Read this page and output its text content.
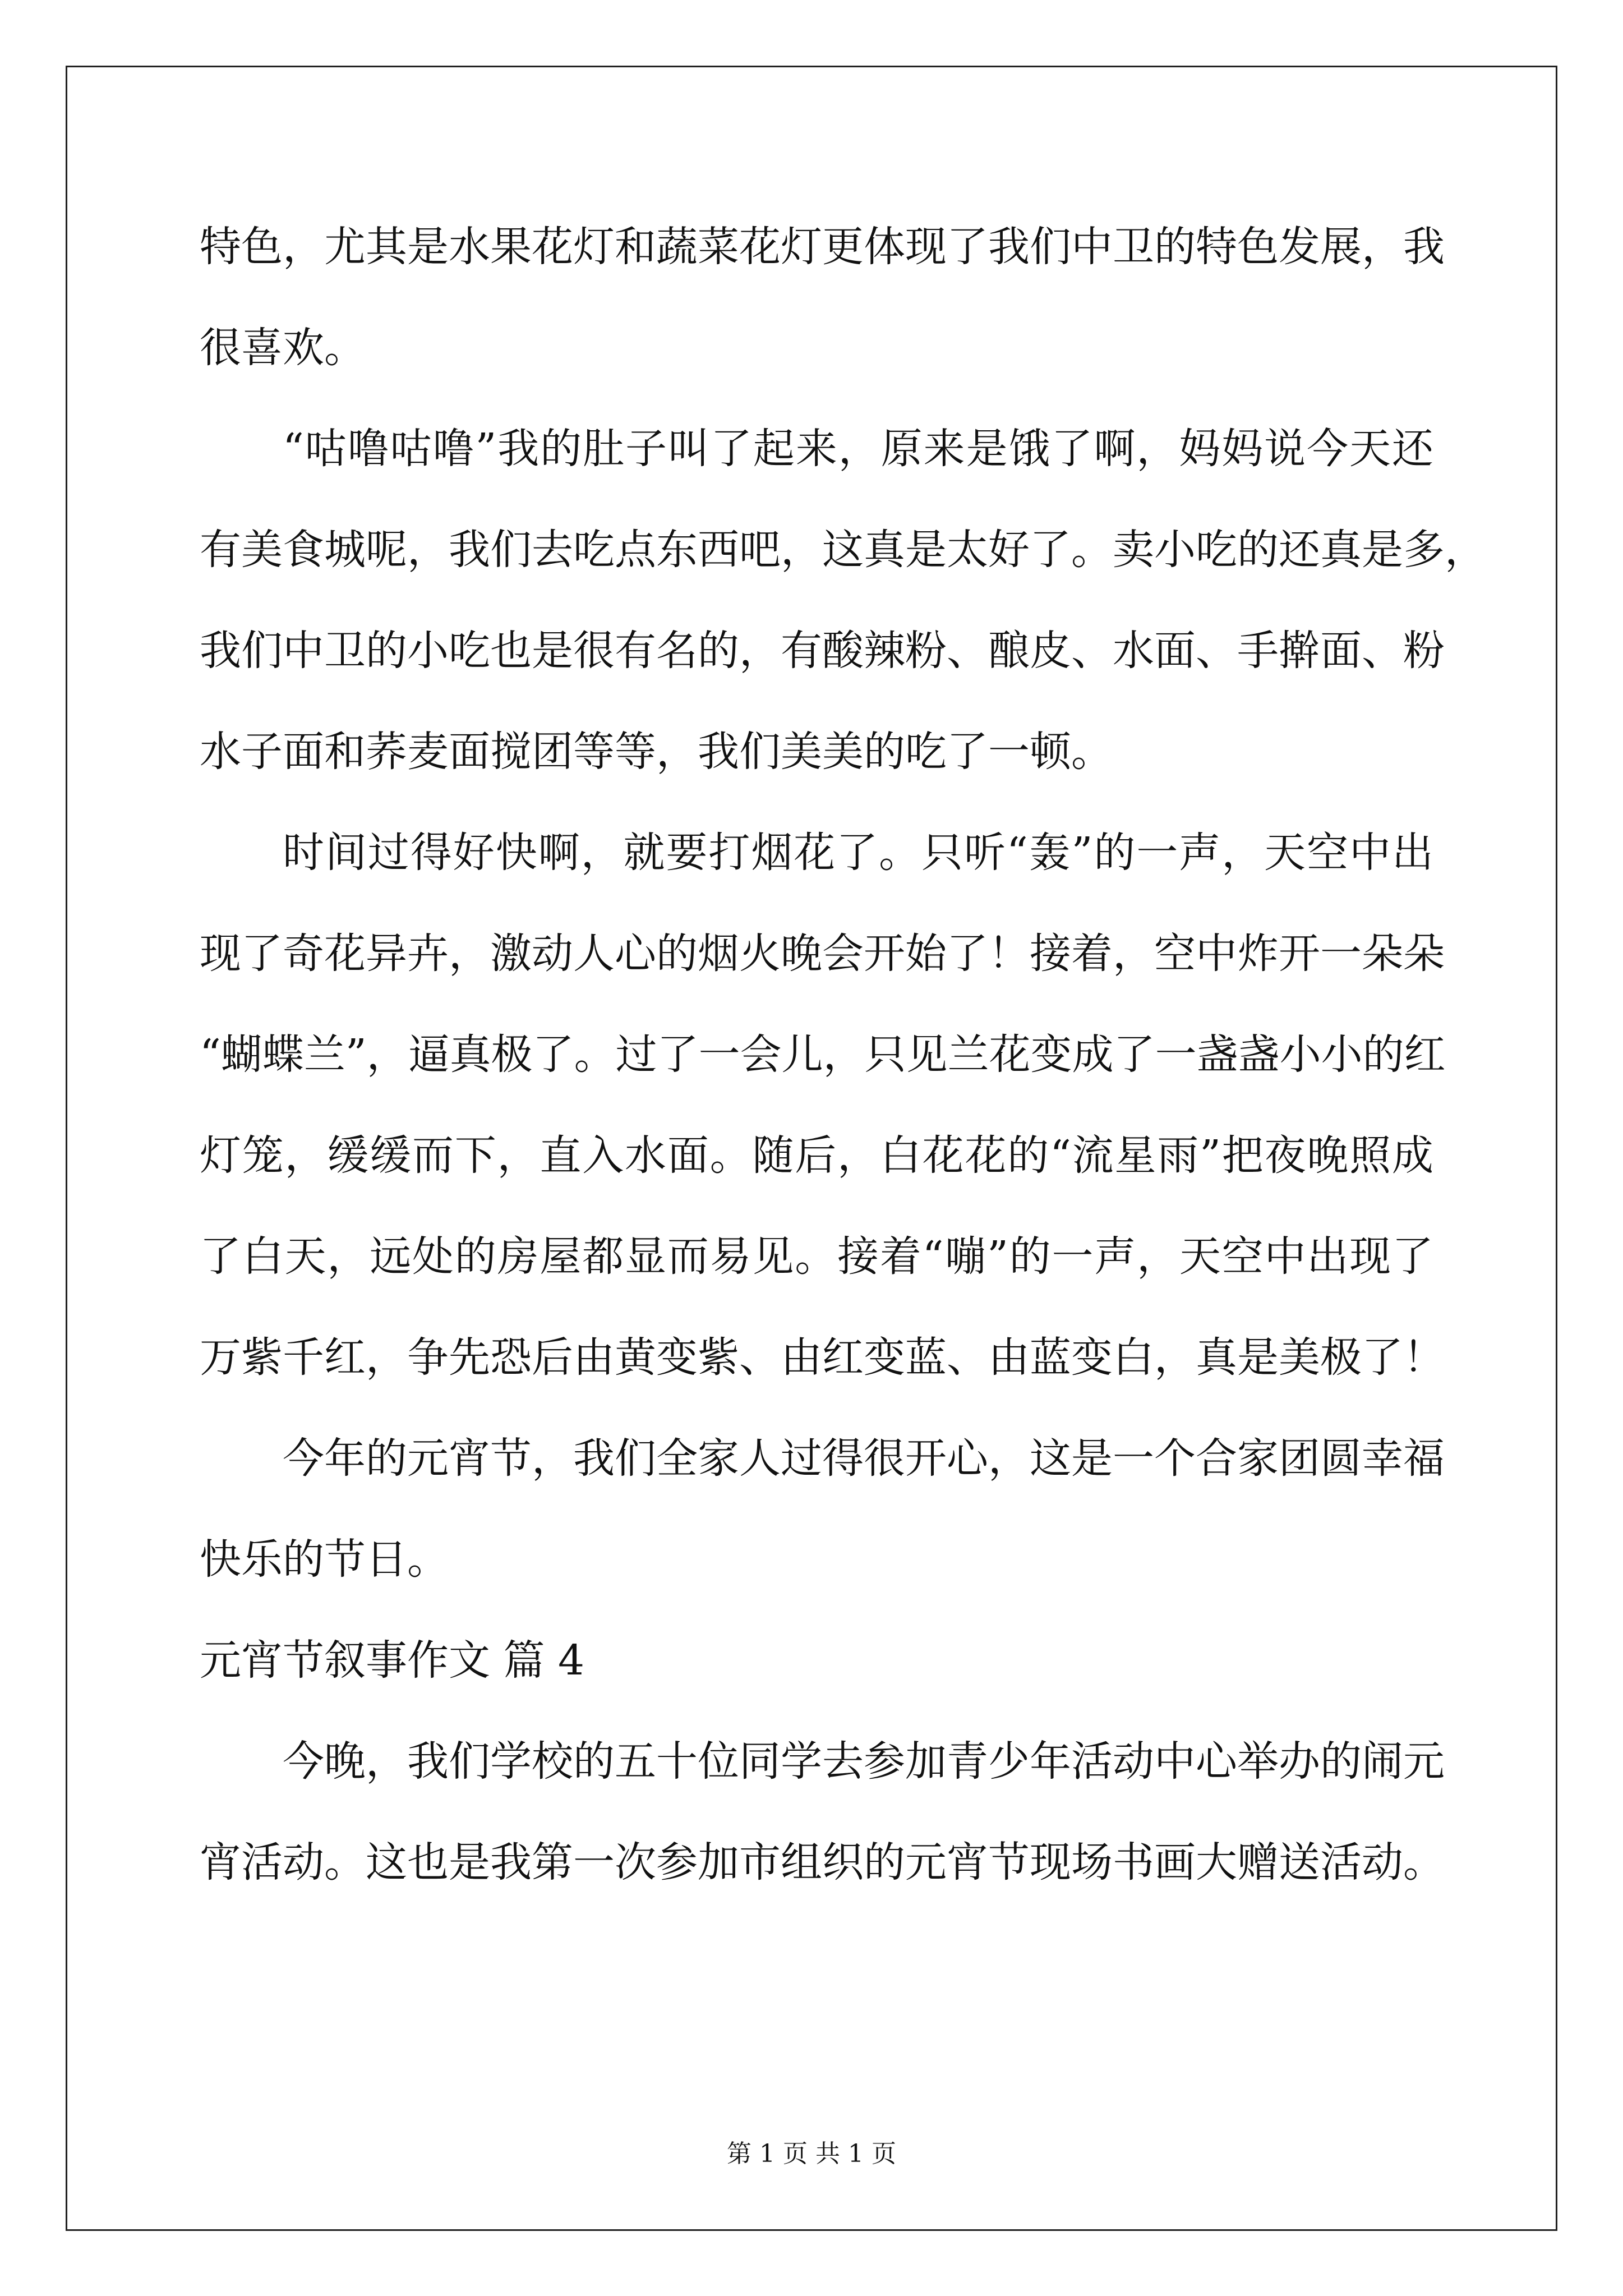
特色，尤其是水果花灯和蔬菜花灯更体现了我们中卫的特色发展，我
很喜欢。
“咕噜咕噜”我的肚子叫了起来，原来是饿了啊，妈妈说今天还
有美食城呢，我们去吃点东西吧，这真是太好了。卖小吃的还真是多，
我们中卫的小吃也是很有名的，有酸辣粉、酿皮、水面、手擀面、粉
水子面和荞麦面搅团等等，我们美美的吃了一顿。
时间过得好快啊，就要打烟花了。只听“轰”的一声，天空中出
现了奇花异卉，激动人心的烟火晚会开始了！接着，空中炸开一朵朵
“蝴蝶兰”，逼真极了。过了一会儿，只见兰花变成了一盏盏小小的红
灯笼，缓缓而下，直入水面。随后，白花花的“流星雨”把夜晚照成
了白天，远处的房屋都显而易见。接着“嘣”的一声，天空中出现了
万紫千红，争先恐后由黄变紫、由红变蓝、由蓝变白，真是美极了！
今年的元宵节，我们全家人过得很开心，这是一个合家团圆幸福
快乐的节日。
元宵节叙事作文 篇 4
今晚，我们学校的五十位同学去参加青少年活动中心举办的闹元
宵活动。这也是我第一次参加市组织的元宵节现场书画大赠送活动。
第 1 页 共 1 页
